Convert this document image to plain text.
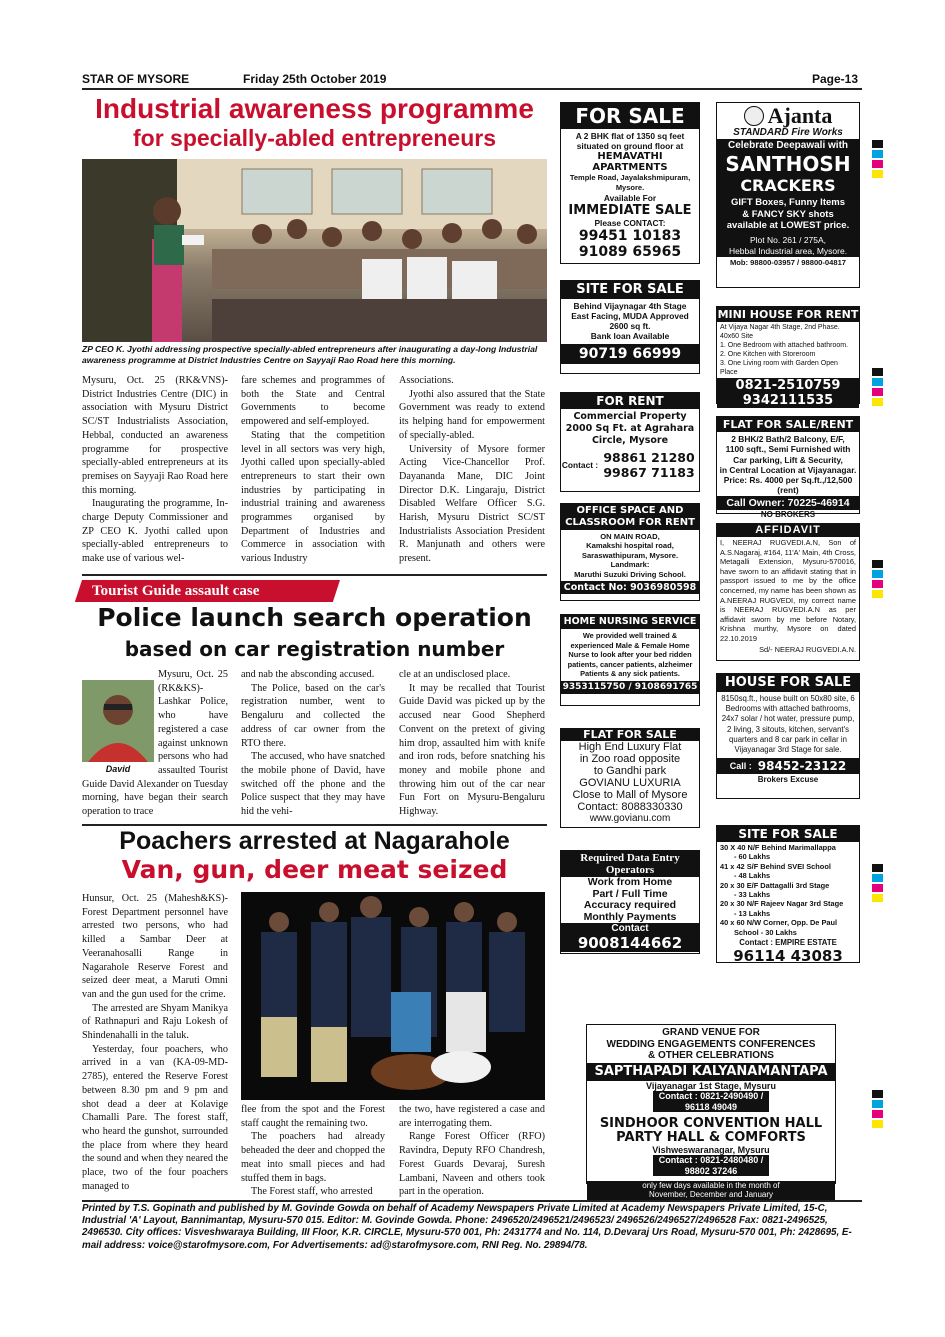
STAR OF MYSORE	Friday 25th October 2019	Page-13
Industrial awareness programme
for specially-abled entrepreneurs
ZP CEO K. Jyothi addressing prospective specially-abled entrepreneurs after inaugurating a day-long Industrial awareness programme at District Industries Centre on Sayyaji Rao Road here this morning.

Mysuru, Oct. 25 (RK&VNS)- District Industries Centre (DIC) in association with Mysuru District SC/ST Industrialists Association, Hebbal, conducted an awareness programme for prospective specially-abled entrepreneurs at its premises on Sayyaji Rao Road here this morning.

Inaugurating the programme, In-charge Deputy Commissioner and ZP CEO K. Jyothi called upon specially-abled entrepreneurs to make use of various wel-

fare schemes and programmes of both the State and Central Governments to become empowered and self-employed.

Stating that the competition level in all sectors was very high, Jyothi called upon specially-abled entrepreneurs to start their own industries by participating in industrial training and awareness programmes organised by Department of Industries and Commerce in association with various Industry

Associations.

Jyothi also assured that the State Government was ready to extend its helping hand for empowerment of specially-abled.

University of Mysore former Acting Vice-Chancellor Prof. Dayananda Mane, DIC Joint Director D.K. Lingaraju, District Disabled Welfare Officer S.G. Harish, Mysuru District SC/ST Industrialists Association President R. Manjunath and others were present.

Tourist Guide assault case
Police launch search operation
based on car registration number
David

Mysuru, Oct. 25 (RK&KS)- Lashkar Police, who have registered a case against unknown persons who had assaulted Tourist Guide David Alexander on Tuesday morning, have began their search operation to trace

and nab the absconding accused.

The Police, based on the car's registration number, went to Bengaluru and collected the address of car owner from the RTO there.

The accused, who have snatched the mobile phone of David, have switched off the phone and the Police suspect that they may have hid the vehi-

cle at an undisclosed place.

It may be recalled that Tourist Guide David was picked up by the accused near Good Shepherd Convent on the pretext of giving him drop, assaulted him with knife and iron rods, before snatching his money and mobile phone and throwing him out of the car near Fun Fort on Mysuru-Bengaluru Highway.

Poachers arrested at Nagarahole
Van, gun, deer meat seized

Hunsur, Oct. 25 (Mahesh&KS)- Forest Department personnel have arrested two persons, who had killed a Sambar Deer at Veeranahosalli Range in Nagarahole Reserve Forest and seized deer meat, a Maruti Omni van and the gun used for the crime.

The arrested are Shyam Manikya of Rathnapuri and Raju Lokesh of Shindenahalli in the taluk.

Yesterday, four poachers, who arrived in a van (KA-09-MD-2785), entered the Reserve Forest between 8.30 pm and 9 pm and shot dead a deer at Kolavige Chamalli Pare. The forest staff, who heard the gunshot, surrounded the place from where they heard the sound and when they neared the place, two of the four poachers managed to

flee from the spot and the Forest staff caught the remaining two.

The poachers had already beheaded the deer and chopped the meat into small pieces and had stuffed them in bags.

The Forest staff, who arrested

the two, have registered a case and are interrogating them.

Range Forest Officer (RFO) Ravindra, Deputy RFO Chandresh, Forest Guards Devaraj, Suresh Lambani, Naveen and others took part in the operation.

FOR SALE
A 2 BHK flat of 1350 sq feet situated on ground floor at
HEMAVATHI APARTMENTS
Temple Road, Jayalakshmipuram, Mysore.
Available For
IMMEDIATE SALE
Please CONTACT:
99451 10183
91089 65965
SITE FOR SALE
Behind Vijaynagar 4th Stage
East Facing, MUDA Approved
2600 sq ft.
Bank loan Available
90719 66999
FOR RENT
Commercial Property
2000 Sq Ft. at Agrahara
Circle, Mysore
Contact : 98861 21280
99867 71183
OFFICE SPACE AND
CLASSROOM FOR RENT
ON MAIN ROAD,
Kamakshi hospital road,
Saraswathipuram, Mysore.
Landmark:
Maruthi Suzuki Driving School.
Contact No: 9036980598
HOME NURSING SERVICE
We provided well trained &
experienced Male & Female Home
Nurse to look after your bed ridden
patients, cancer patients, alzheimer
Patients & any sick patients.
9353115750 / 9108691765
FLAT FOR SALE
High End Luxury Flat
in Zoo road opposite
to Gandhi park
GOVIANU LUXURIA
Close to Mall of Mysore
Contact: 8088330330
www.govianu.com
Required Data Entry
Operators
Work from Home
Part / Full Time
Accuracy required
Monthly Payments
Contact
9008144662
Ajanta
STANDARD Fire Works
Celebrate Deepawali with
SANTHOSH
CRACKERS
GIFT Boxes, Funny Items
& FANCY SKY shots
available at LOWEST price.
Plot No. 261 / 275A,
Hebbal Industrial area, Mysore.
Mob: 98800-03957 / 98800-04817
MINI HOUSE FOR RENT
At Vijaya Nagar 4th Stage, 2nd Phase.
40x60 Site
1. One Bedroom with attached bathroom.
2. One Kitchen with Storeroom
3. One Living room with Garden Open Place
0821-2510759
9342111535
FLAT FOR SALE/RENT
2 BHK/2 Bath/2 Balcony, E/F,
1100 sqft., Semi Furnished with
Car parking, Lift & Security,
in Central Location at Vijayanagar.
Price: Rs. 4000 per Sq.ft.,/12,500 (rent)
Call Owner: 70225-46914
NO BROKERS
AFFIDAVIT
I, NEERAJ RUGVEDI.A.N, Son of A.S.Nagaraj, #164, 11'A' Main, 4th Cross, Metagalli Extension, Mysuru-570016, have sworn to an affidavit stating that in passport issued to me by the office concerned, my name has been shown as A.NEERAJ RUGVEDI, my correct name is NEERAJ RUGVEDI.A.N as per affidavit sworn by me before Notary, Krishna murthy, Mysore on dated 22.10.2019
Sd/- NEERAJ RUGVEDI.A.N.
HOUSE FOR SALE
8150sq.ft., house built on 50x80 site, 6 Bedrooms with attached bathrooms, 24x7 solar / hot water, pressure pump, 2 living, 3 sitouts, kitchen, servant's quarters and 8 car park in cellar in Vijayanagar 3rd Stage for sale.
Call : 98452-23122
Brokers Excuse
SITE FOR SALE
30 X 40 N/F Behind Marimallappa
- 60 Lakhs
41 x 42 S/F Behind SVEI School
- 48 Lakhs
20 x 30 E/F Dattagalli 3rd Stage
- 33 Lakhs
20 x 30 N/F Rajeev Nagar 3rd Stage
- 13 Lakhs
40 x 60 N/W Corner, Opp. De Paul
School - 30 Lakhs
Contact : EMPIRE ESTATE
96114 43083
GRAND VENUE FOR
WEDDING ENGAGEMENTS CONFERENCES
& OTHER CELEBRATIONS
SAPTHAPADI KALYANAMANTAPA
Vijayanagar 1st Stage, Mysuru
Contact : 0821-2490490 /
96118 49049
SINDHOOR CONVENTION HALL
PARTY HALL & COMFORTS
Vishweswaranagar, Mysuru
Contact : 0821-2480480 /
98802 37246
only few days available in the month of
November, December and January
Printed by T.S. Gopinath and published by M. Govinde Gowda on behalf of Academy Newspapers Private Limited at Academy Newspapers Private Limited, 15-C, Industrial 'A' Layout, Bannimantap, Mysuru-570 015. Editor: M. Govinde Gowda. Phone: 2496520/2496521/2496523/ 2496526/2496527/2496528 Fax: 0821-2496525, 2496530. City offices: Visveshwaraya Building, III Floor, K.R. CIRCLE, Mysuru-570 001, Ph: 2431774 and No. 114, D.Devaraj Urs Road, Mysuru-570 001, Ph: 2428695, E-mail address: voice@starofmysore.com, For Advertisements: ad@starofmysore.com, RNI Reg. No. 29894/78.
